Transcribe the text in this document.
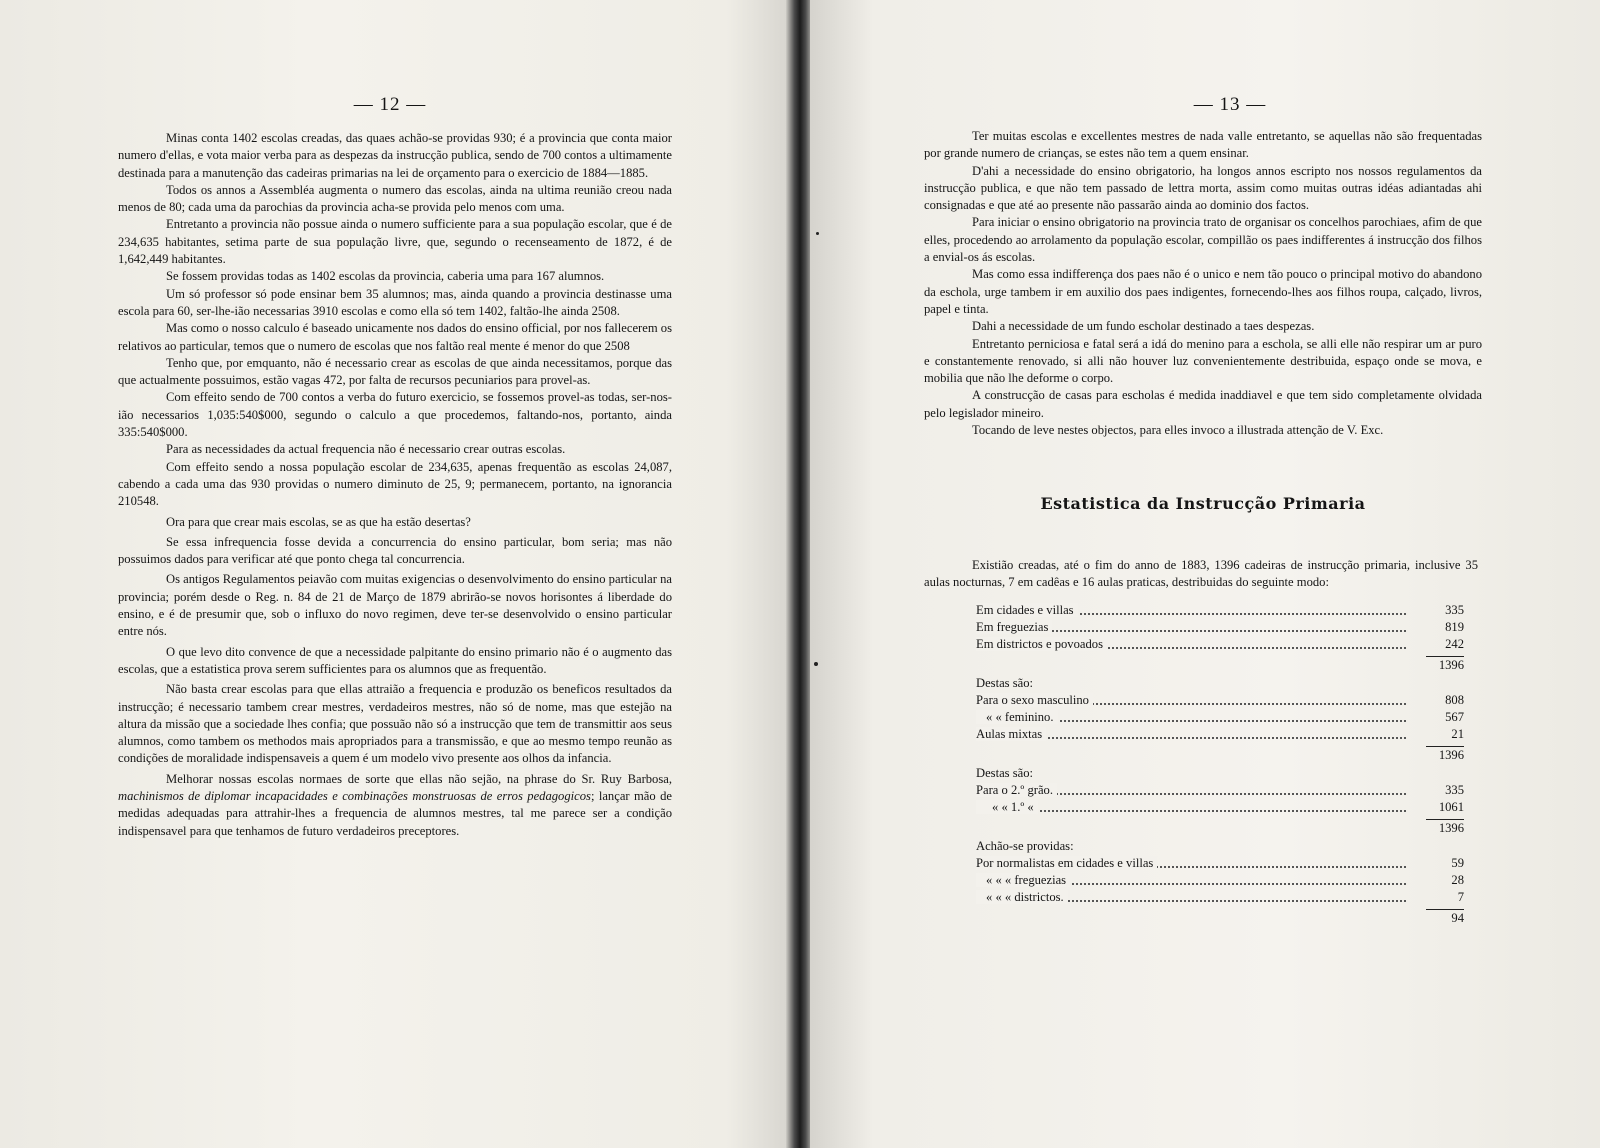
— 12 —

Minas conta 1402 escolas creadas, das quaes achão-se providas 930; é a provincia que conta maior numero d'ellas, e vota maior verba para as despezas da instrucção publica, sendo de 700 contos a ultimamente destinada para a manutenção das cadeiras primarias na lei de orçamento para o exercicio de 1884—1885.

Todos os annos a Assembléa augmenta o numero das escolas, ainda na ultima reunião creou nada menos de 80; cada uma da parochias da provincia acha-se provida pelo menos com uma.

Entretanto a provincia não possue ainda o numero sufficiente para a sua população escolar, que é de 234,635 habitantes, setima parte de sua população livre, que, segundo o recenseamento de 1872, é de 1,642,449 habitantes.

Se fossem providas todas as 1402 escolas da provincia, caberia uma para 167 alumnos.

Um só professor só pode ensinar bem 35 alumnos; mas, ainda quando a provincia destinasse uma escola para 60, ser-lhe-ião necessarias 3910 escolas e como ella só tem 1402, faltão-lhe ainda 2508.

Mas como o nosso calculo é baseado unicamente nos dados do ensino official, por nos fallecerem os relativos ao particular, temos que o numero de escolas que nos faltão real mente é menor do que 2508

Tenho que, por emquanto, não é necessario crear as escolas de que ainda necessitamos, porque das que actualmente possuimos, estão vagas 472, por falta de recursos pecuniarios para provel-as.

Com effeito sendo de 700 contos a verba do futuro exercicio, se fossemos provel-as todas, ser-nos-ião necessarios 1,035:540$000, segundo o calculo a que procedemos, faltando-nos, portanto, ainda 335:540$000.

Para as necessidades da actual frequencia não é necessario crear outras escolas.

Com effeito sendo a nossa população escolar de 234,635, apenas frequentão as escolas 24,087, cabendo a cada uma das 930 providas o numero diminuto de 25, 9; permanecem, portanto, na ignorancia 210548.

Ora para que crear mais escolas, se as que ha estão desertas?

Se essa infrequencia fosse devida a concurrencia do ensino particular, bom seria; mas não possuimos dados para verificar até que ponto chega tal concurrencia.

Os antigos Regulamentos peiavão com muitas exigencias o desenvolvimento do ensino particular na provincia; porém desde o Reg. n. 84 de 21 de Março de 1879 abrirão-se novos horisontes á liberdade do ensino, e é de presumir que, sob o influxo do novo regimen, deve ter-se desenvolvido o ensino particular entre nós.

O que levo dito convence de que a necessidade palpitante do ensino primario não é o augmento das escolas, que a estatistica prova serem sufficientes para os alumnos que as frequentão.

Não basta crear escolas para que ellas attraião a frequencia e produzão os beneficos resultados da instrucção; é necessario tambem crear mestres, verdadeiros mestres, não só de nome, mas que estejão na altura da missão que a sociedade lhes confia; que possuão não só a instrucção que tem de transmittir aos seus alumnos, como tambem os methodos mais apropriados para a transmissão, e que ao mesmo tempo reunão as condições de moralidade indispensaveis a quem é um modelo vivo presente aos olhos da infancia.

Melhorar nossas escolas normaes de sorte que ellas não sejão, na phrase do Sr. Ruy Barbosa, machinismos de diplomar incapacidades e combinações monstruosas de erros pedagogicos; lançar mão de medidas adequadas para attrahir-lhes a frequencia de alumnos mestres, tal me parece ser a condição indispensavel para que tenhamos de futuro verdadeiros preceptores.

— 13 —

Ter muitas escolas e excellentes mestres de nada valle entretanto, se aquellas não são frequentadas por grande numero de crianças, se estes não tem a quem ensinar.

D'ahi a necessidade do ensino obrigatorio, ha longos annos escripto nos nossos regulamentos da instrucção publica, e que não tem passado de lettra morta, assim como muitas outras idéas adiantadas ahi consignadas e que até ao presente não passarão ainda ao dominio dos factos.

Para iniciar o ensino obrigatorio na provincia trato de organisar os concelhos parochiaes, afim de que elles, procedendo ao arrolamento da população escolar, compillão os paes indifferentes á instrucção dos filhos a envial-os ás escolas.

Mas como essa indifferença dos paes não é o unico e nem tão pouco o principal motivo do abandono da eschola, urge tambem ir em auxilio dos paes indigentes, fornecendo-lhes aos filhos roupa, calçado, livros, papel e tinta.

Dahi a necessidade de um fundo escholar destinado a taes despezas.

Entretanto perniciosa e fatal será a idá do menino para a eschola, se alli elle não respirar um ar puro e constantemente renovado, si alli não houver luz convenientemente destribuida, espaço onde se mova, e mobilia que não lhe deforme o corpo.

A construcção de casas para escholas é medida inaddiavel e que tem sido completamente olvidada pelo legislador mineiro.

Tocando de leve nestes objectos, para elles invoco a illustrada attenção de V. Exc.

Estatistica da Instrucção Primaria

Existião creadas, até o fim do anno de 1883, 1396 cadeiras de instrucção primaria, inclusive 35 aulas nocturnas, 7 em cadêas e 16 aulas praticas, destribuidas do seguinte modo:

Em cidades e villas	335
Em freguezias	819
Em districtos e povoados	242
1396
Destas são:
Para o sexo masculino	808
« « feminino.	567
Aulas mixtas	21
1396
Destas são:
Para o 2.º grão.	335
« « 1.º «	1061
1396
Achão-se providas:
Por normalistas em cidades e villas	59
« « « freguezias	28
« « « districtos.	7
94
